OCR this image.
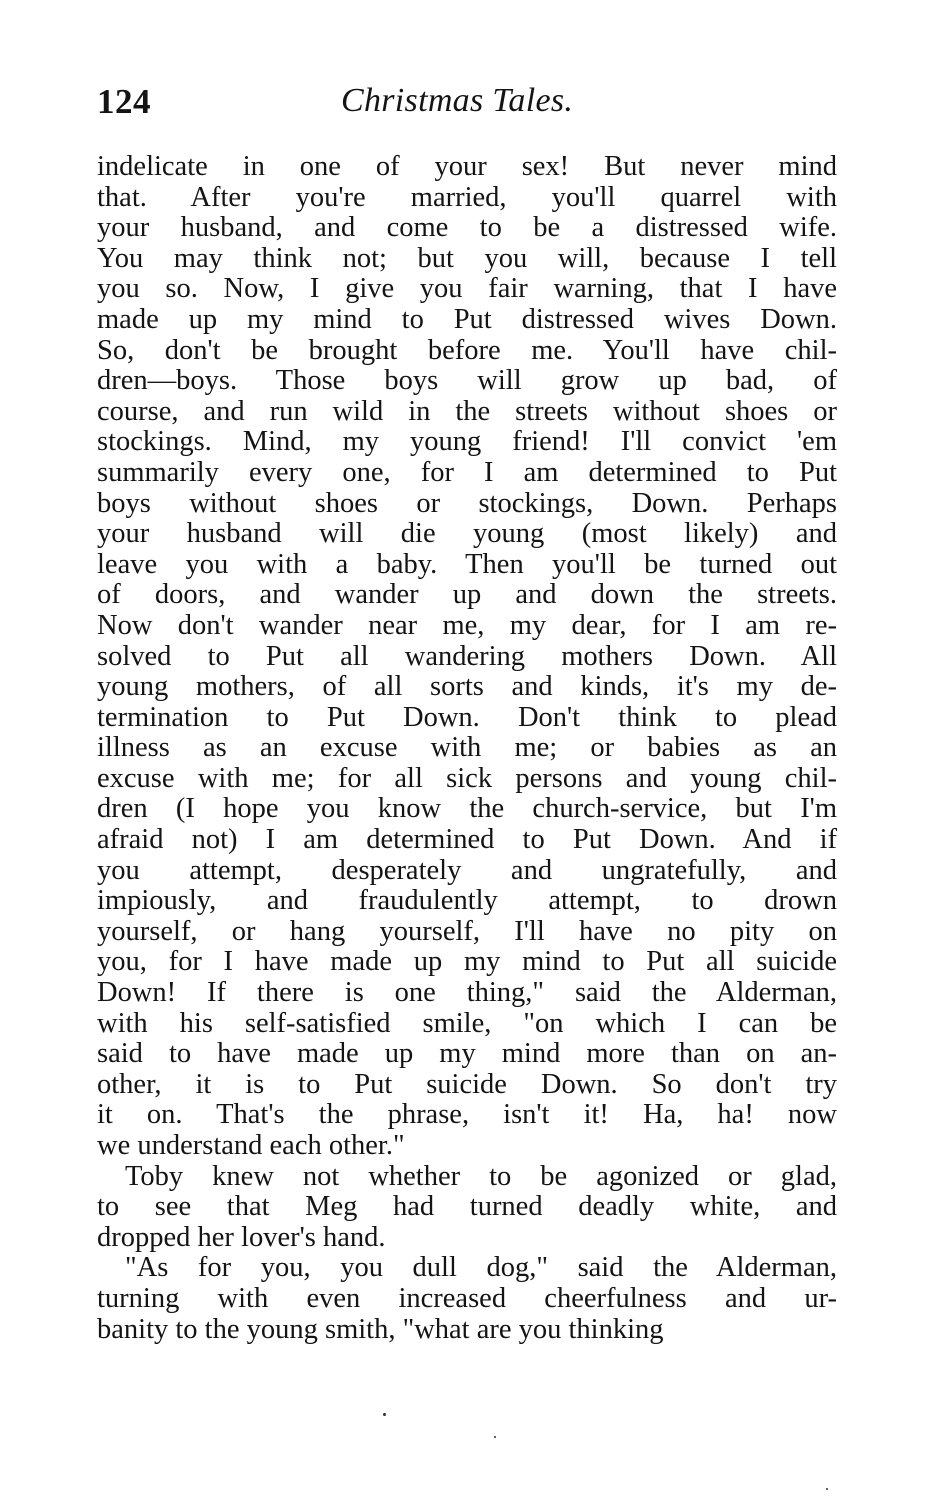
124	Christmas Tales.
indelicate in one of your sex! But never mind
that. After you're married, you'll quarrel with
your husband, and come to be a distressed wife.
You may think not; but you will, because I tell
you so. Now, I give you fair warning, that I have
made up my mind to Put distressed wives Down.
So, don't be brought before me. You'll have chil-
dren—boys. Those boys will grow up bad, of
course, and run wild in the streets without shoes or
stockings. Mind, my young friend! I'll convict 'em
summarily every one, for I am determined to Put
boys without shoes or stockings, Down. Perhaps
your husband will die young (most likely) and
leave you with a baby. Then you'll be turned out
of doors, and wander up and down the streets.
Now don't wander near me, my dear, for I am re-
solved to Put all wandering mothers Down. All
young mothers, of all sorts and kinds, it's my de-
termination to Put Down. Don't think to plead
illness as an excuse with me; or babies as an
excuse with me; for all sick persons and young chil-
dren (I hope you know the church-service, but I'm
afraid not) I am determined to Put Down. And if
you attempt, desperately and ungratefully, and
impiously, and fraudulently attempt, to drown
yourself, or hang yourself, I'll have no pity on
you, for I have made up my mind to Put all suicide
Down! If there is one thing," said the Alderman,
with his self-satisfied smile, "on which I can be
said to have made up my mind more than on an-
other, it is to Put suicide Down. So don't try
it on. That's the phrase, isn't it! Ha, ha! now
we understand each other."
Toby knew not whether to be agonized or glad,
to see that Meg had turned deadly white, and
dropped her lover's hand.
"As for you, you dull dog," said the Alderman,
turning with even increased cheerfulness and ur-
banity to the young smith, "what are you thinking
